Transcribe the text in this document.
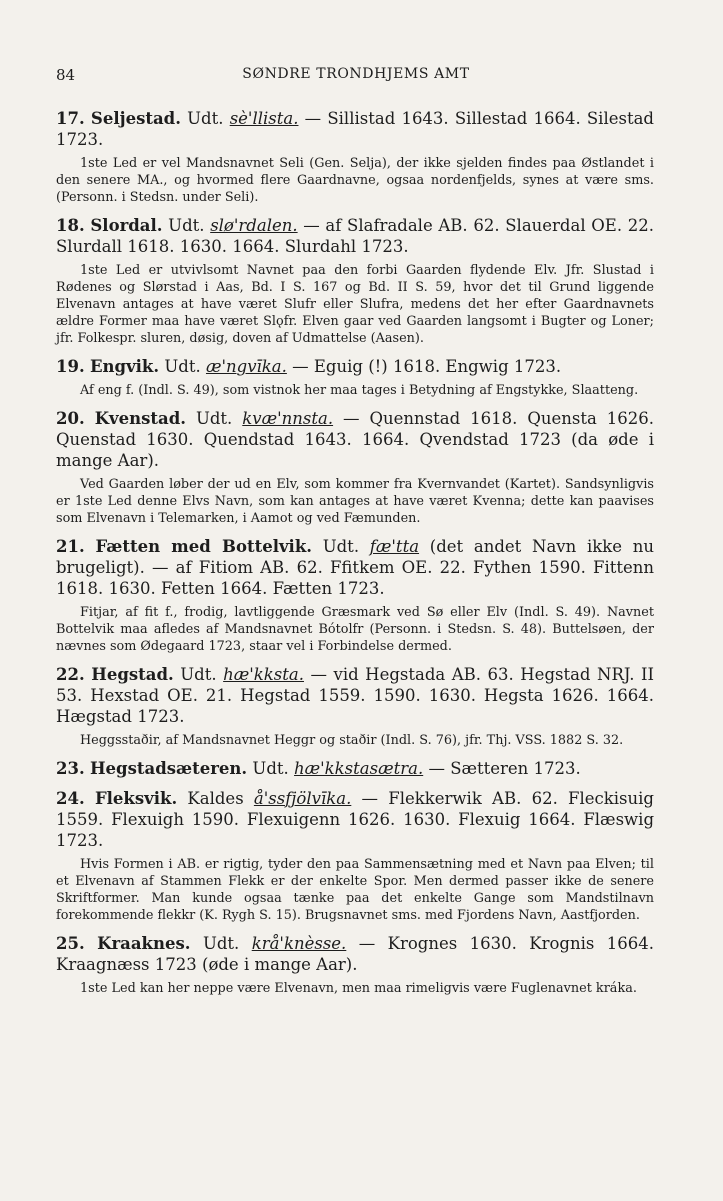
84	SØNDRE TRONDHJEMS AMT
17. Seljestad. Udt. sè'llista. — Sillistad 1643. Sillestad 1664. Silestad 1723.
1ste Led er vel Mandsnavnet Seli (Gen. Selja), der ikke sjelden findes paa Østlandet i den senere MA., og hvormed flere Gaardnavne, ogsaa nordenfjelds, synes at være sms. (Personn. i Stedsn. under Seli).
18. Slordal. Udt. slø'rdalen. — af Slafradale AB. 62. Slauerdal OE. 22. Slurdall 1618. 1630. 1664. Slurdahl 1723.
1ste Led er utvivlsomt Navnet paa den forbi Gaarden flydende Elv. Jfr. Slustad i Rødenes og Slørstad i Aas, Bd. I S. 167 og Bd. II S. 59, hvor det til Grund liggende Elvenavn antages at have været Slufr eller Slufra, medens det her efter Gaardnavnets ældre Former maa have været Slǫfr. Elven gaar ved Gaarden langsomt i Bugter og Loner; jfr. Folkespr. sluren, døsig, doven af Udmattelse (Aasen).
19. Engvik. Udt. æ'ngvīka. — Eguig (!) 1618. Engwig 1723.
Af eng f. (Indl. S. 49), som vistnok her maa tages i Betydning af Engstykke, Slaatteng.
20. Kvenstad. Udt. kvæ'nnsta. — Quennstad 1618. Quensta 1626. Quenstad 1630. Quendstad 1643. 1664. Qvendstad 1723 (da øde i mange Aar).
Ved Gaarden løber der ud en Elv, som kommer fra Kvernvandet (Kartet). Sandsynligvis er 1ste Led denne Elvs Navn, som kan antages at have været Kvenna; dette kan paavises som Elvenavn i Telemarken, i Aamot og ved Fæmunden.
21. Fætten med Bottelvik. Udt. fæ'tta (det andet Navn ikke nu brugeligt). — af Fitiom AB. 62. Ffitkem OE. 22. Fythen 1590. Fittenn 1618. 1630. Fetten 1664. Fætten 1723.
Fitjar, af fit f., frodig, lavtliggende Græsmark ved Sø eller Elv (Indl. S. 49). Navnet Bottelvik maa afledes af Mandsnavnet Bótolfr (Personn. i Stedsn. S. 48). Buttelsøen, der nævnes som Ødegaard 1723, staar vel i Forbindelse dermed.
22. Hegstad. Udt. hæ'kksta. — vid Hegstada AB. 63. Hegstad NRJ. II 53. Hexstad OE. 21. Hegstad 1559. 1590. 1630. Hegsta 1626. 1664. Hægstad 1723.
Heggsstaðir, af Mandsnavnet Heggr og staðir (Indl. S. 76), jfr. Thj. VSS. 1882 S. 32.
23. Hegstadsæteren. Udt. hæ'kkstasætra. — Sætteren 1723.
24. Fleksvik. Kaldes å'ssfjölvīka. — Flekkerwik AB. 62. Fleckisuig 1559. Flexuigh 1590. Flexuigenn 1626. 1630. Flexuig 1664. Flæswig 1723.
Hvis Formen i AB. er rigtig, tyder den paa Sammensætning med et Navn paa Elven; til et Elvenavn af Stammen Flekk er der enkelte Spor. Men dermed passer ikke de senere Skriftformer. Man kunde ogsaa tænke paa det enkelte Gange som Mandstilnavn forekommende flekkr (K. Rygh S. 15). Brugsnavnet sms. med Fjordens Navn, Aastfjorden.
25. Kraaknes. Udt. krå'knèsse. — Krognes 1630. Krognis 1664. Kraagnæss 1723 (øde i mange Aar).
1ste Led kan her neppe være Elvenavn, men maa rimeligvis være Fuglenavnet kráka.
